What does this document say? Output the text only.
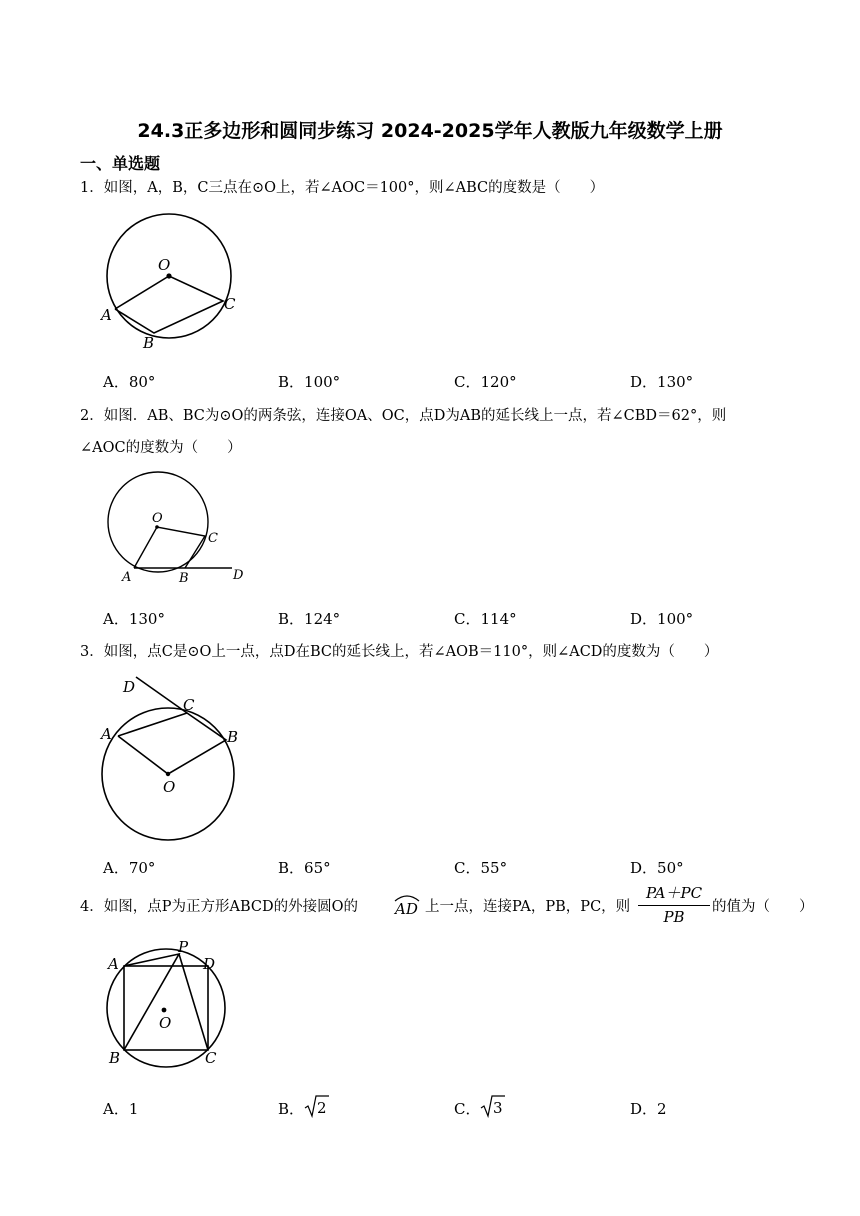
24.3正多边形和圆同步练习 2024-2025学年人教版九年级数学上册
一、单选题
1．如图，A，B，C三点在⊙O上，若∠AOC＝100°，则∠ABC的度数是（　　）
O
A
B
C
A．80°	B．100°	C．120°	D．130°
2．如图．AB、BC为⊙O的两条弦，连接OA、OC，点D为AB的延长线上一点，若∠CBD＝62°，则
∠AOC的度数为（　　）
O
C
A	B	D
A．130°	B．124°	C．114°	D．100°
3．如图，点C是⊙O上一点，点D在BC的延长线上，若∠AOB＝110°，则∠ACD的度数为（　　）
D
C
A	B
O
A．70°	B．65°	C．55°	D．50°
4．如图，点P为正方形ABCD的外接圆O的 AD 上一点，连接PA，PB，PC，则
PA＋PC
PB
的值为（　　）
A
P
D
O
B	C
A．1	B． 2	C． 3	D．2
